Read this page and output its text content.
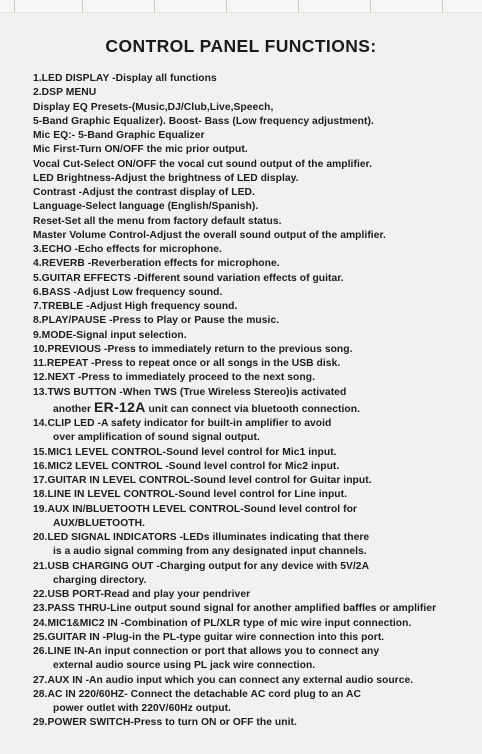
CONTROL PANEL FUNCTIONS:
1.LED DISPLAY -Display all functions
2.DSP MENU
Display EQ Presets-(Music,DJ/Club,Live,Speech,
5-Band Graphic Equalizer). Boost- Bass (Low frequency adjustment).
Mic EQ:- 5-Band Graphic Equalizer
Mic First-Turn ON/OFF the mic prior output.
Vocal Cut-Select ON/OFF the vocal cut sound output of the amplifier.
LED Brightness-Adjust the brightness of LED display.
Contrast -Adjust the contrast display of LED.
Language-Select language (English/Spanish).
Reset-Set all the menu from factory default status.
Master Volume Control-Adjust the overall sound output of the amplifier.
3.ECHO -Echo effects for microphone.
4.REVERB -Reverberation effects for microphone.
5.GUITAR EFFECTS -Different sound variation effects of guitar.
6.BASS -Adjust Low frequency sound.
7.TREBLE -Adjust High frequency sound.
8.PLAY/PAUSE -Press to Play or Pause the music.
9.MODE-Signal input selection.
10.PREVIOUS -Press to immediately return to the previous song.
11.REPEAT -Press to repeat once or all songs in the USB disk.
12.NEXT -Press to immediately proceed to the next song.
13.TWS BUTTON -When TWS (True Wireless Stereo)is activated
another ER-12A unit can connect via bluetooth connection.
14.CLIP LED -A safety indicator for built-in amplifier to avoid
over amplification of sound signal output.
15.MIC1 LEVEL CONTROL-Sound level control for Mic1 input.
16.MIC2 LEVEL CONTROL -Sound level control for Mic2 input.
17.GUITAR IN LEVEL CONTROL-Sound level control for Guitar input.
18.LINE IN LEVEL CONTROL-Sound level control for Line input.
19.AUX IN/BLUETOOTH LEVEL CONTROL-Sound level control for
AUX/BLUETOOTH.
20.LED SIGNAL INDICATORS -LEDs illuminates indicating that there
is a audio signal comming from any designated input channels.
21.USB CHARGING OUT -Charging output for any device with 5V/2A
charging directory.
22.USB PORT-Read and play your pendriver
23.PASS THRU-Line output sound signal for another amplified baffles or amplifier
24.MIC1&MIC2 IN -Combination of PL/XLR type of mic wire input connection.
25.GUITAR IN -Plug-in the PL-type guitar wire connection into this port.
26.LINE IN-An input connection or port that allows you to connect any
external audio source using PL jack wire connection.
27.AUX IN -An audio input which you can connect any external audio source.
28.AC IN 220/60HZ- Connect the detachable AC cord plug to an AC
power outlet with 220V/60Hz output.
29.POWER SWITCH-Press to turn ON or OFF the unit.
